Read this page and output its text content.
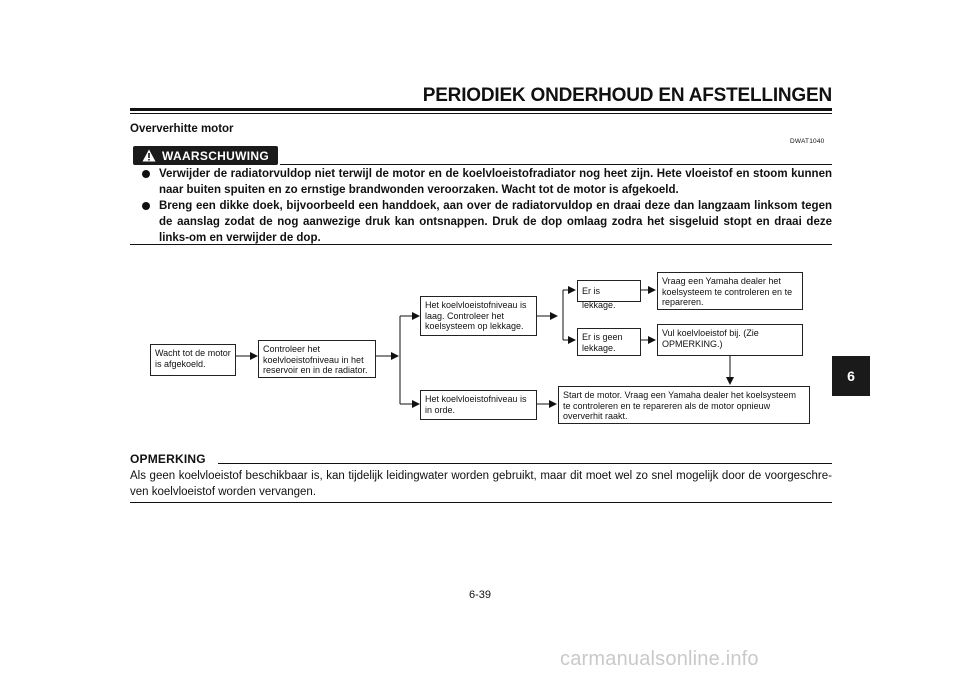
PERIODIEK ONDERHOUD EN AFSTELLINGEN
Oververhitte motor
DWAT1040
WAARSCHUWING
Verwijder de radiatorvuldop niet terwijl de motor en de koelvloeistofradiator nog heet zijn. Hete vloeistof en stoom kunnen naar buiten spuiten en zo ernstige brandwonden veroorzaken. Wacht tot de motor is afgekoeld.
Breng een dikke doek, bijvoorbeeld een handdoek, aan over de radiatorvuldop en draai deze dan langzaam linksom tegen de aanslag zodat de nog aanwezige druk kan ontsnappen. Druk de dop omlaag zodra het sisgeluid stopt en draai deze links-om en verwijder de dop.
Wacht tot de motor is afgekoeld.
Controleer het koelvloeistofniveau in het reservoir en in de radiator.
Het koelvloeistofniveau is laag. Controleer het koelsysteem op lekkage.
Het koelvloeistofniveau is in orde.
Er is lekkage.
Er is geen lekkage.
Vraag een Yamaha dealer het koelsysteem te controleren en te repareren.
Vul koelvloeistof bij. (Zie OPMERKING.)
Start de motor. Vraag een Yamaha dealer het koelsysteem te controleren en te repareren als de motor opnieuw oververhit raakt.
OPMERKING
Als geen koelvloeistof beschikbaar is, kan tijdelijk leidingwater worden gebruikt, maar dit moet wel zo snel mogelijk door de voorgeschre-ven koelvloeistof worden vervangen.
6
6-39
carmanualsonline.info
